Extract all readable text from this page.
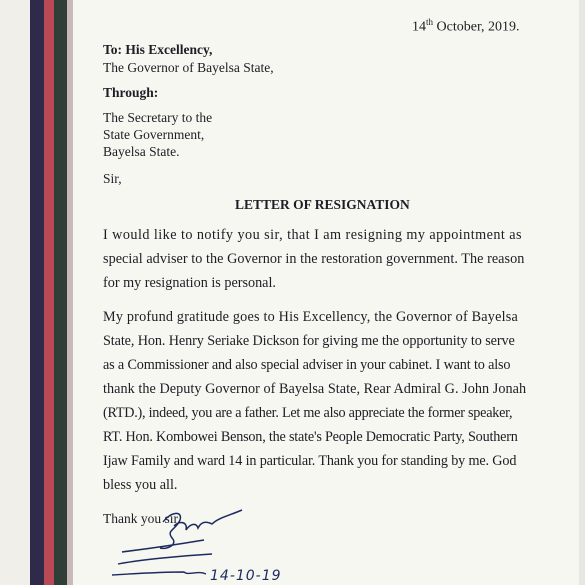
14th October, 2019.
To: His Excellency,
The Governor of Bayelsa State,
Through:
The Secretary to the
State Government,
Bayelsa State.
Sir,
LETTER OF RESIGNATION
I would like to notify you sir, that I am resigning my appointment as
special adviser to the Governor in the restoration government. The reason
for my resignation is personal.
My profund gratitude goes to His Excellency, the Governor of Bayelsa
State, Hon. Henry Seriake Dickson for giving me the opportunity to serve
as a Commissioner and also special adviser in your cabinet. I want to also
thank the Deputy Governor of Bayelsa State, Rear Admiral G. John Jonah
(RTD.), indeed, you are a father. Let me also appreciate the former speaker,
RT. Hon. Kombowei Benson, the state's People Democratic Party, Southern
Ijaw Family and ward 14 in particular. Thank you for standing by me. God
bless you all.
Thank you sir.
14-10-19
